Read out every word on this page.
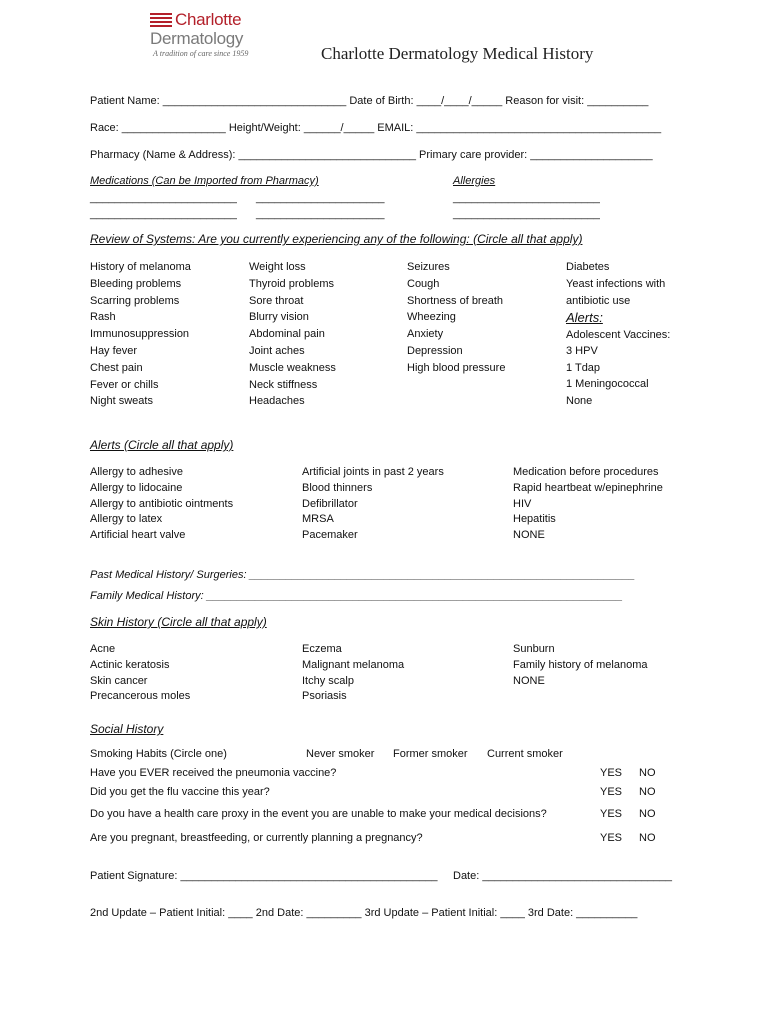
Charlotte
Dermatology
A tradition of care since 1959	Charlotte Dermatology Medical History
Patient Name: ______________________________ Date of Birth: ____/____/_____ Reason for visit: __________
Race: _________________ Height/Weight: ______/_____ EMAIL: ________________________________________
Pharmacy (Name & Address): _____________________________ Primary care provider: ____________________
Medications (Can be Imported from Pharmacy)
________________________ _____________________
________________________ _____________________
Allergies
________________________
________________________
Review of Systems: Are you currently experiencing any of the following: (Circle all that apply)
History of melanoma
Bleeding problems
Scarring problems
Rash
Immunosuppression
Hay fever
Chest pain
Fever or chills
Night sweats
Weight loss
Thyroid problems
Sore throat
Blurry vision
Abdominal pain
Joint aches
Muscle weakness
Neck stiffness
Headaches
Seizures
Cough
Shortness of breath
Wheezing
Anxiety
Depression
High blood pressure
Diabetes
Yeast infections with
antibiotic use
Alerts:
Adolescent Vaccines:
3 HPV
1 Tdap
1 Meningococcal
None
Alerts (Circle all that apply)
Allergy to adhesive
Allergy to lidocaine
Allergy to antibiotic ointments
Allergy to latex
Artificial heart valve
Artificial joints in past 2 years
Blood thinners
Defibrillator
MRSA
Pacemaker
Medication before procedures
Rapid heartbeat w/epinephrine
HIV
Hepatitis
NONE
Past Medical History/ Surgeries: _______________________________________________________________
Family Medical History: ____________________________________________________________________
Skin History (Circle all that apply)
Acne
Actinic keratosis
Skin cancer
Precancerous moles
Eczema
Malignant melanoma
Itchy scalp
Psoriasis
Sunburn
Family history of melanoma
NONE
Social History
Smoking Habits (Circle one)	Never smoker Former smoker Current smoker
Have you EVER received the pneumonia vaccine?	YES NO
Did you get the flu vaccine this year?	YES NO
Do you have a health care proxy in the event you are unable to make your medical decisions?	YES NO
Are you pregnant, breastfeeding, or currently planning a pregnancy?	YES NO
Patient Signature: __________________________________________ Date: _______________________________
2nd Update – Patient Initial: ____ 2nd Date: _________ 3rd Update – Patient Initial: ____ 3rd Date: __________
